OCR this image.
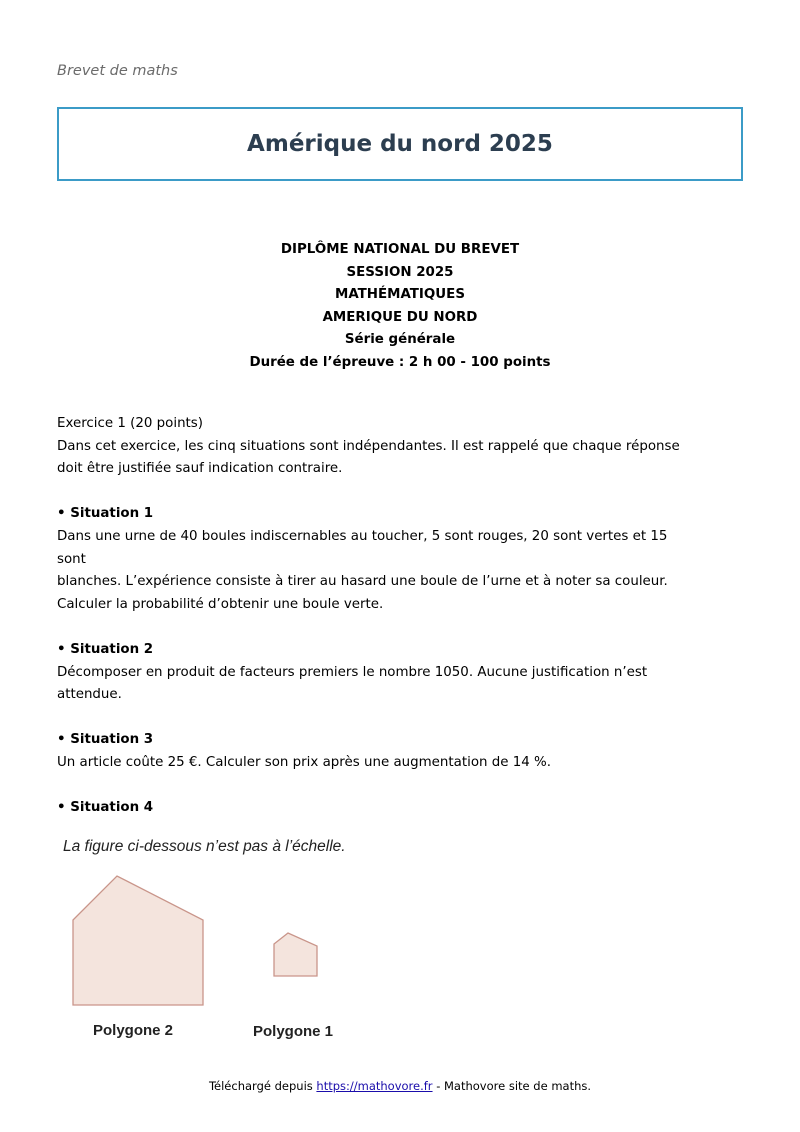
Brevet de maths
Amérique du nord 2025
DIPLÔME NATIONAL DU BREVET
SESSION 2025
MATHÉMATIQUES
AMERIQUE DU NORD
Série générale
Durée de l’épreuve : 2 h 00 - 100 points

Exercice 1 (20 points)

Dans cet exercice, les cinq situations sont indépendantes. Il est rappelé que chaque réponse

doit être justifiée sauf indication contraire.

• Situation 1

Dans une urne de 40 boules indiscernables au toucher, 5 sont rouges, 20 sont vertes et 15 sont

blanches. L’expérience consiste à tirer au hasard une boule de l’urne et à noter sa couleur.

Calculer la probabilité d’obtenir une boule verte.

• Situation 2

Décomposer en produit de facteurs premiers le nombre 1050. Aucune justification n’est

attendue.

• Situation 3

Un article coûte 25 €. Calculer son prix après une augmentation de 14 %.

• Situation 4

La figure ci-dessous n’est pas à l’échelle.
Polygone 2	Polygone 1
Téléchargé depuis https://mathovore.fr - Mathovore site de maths.
